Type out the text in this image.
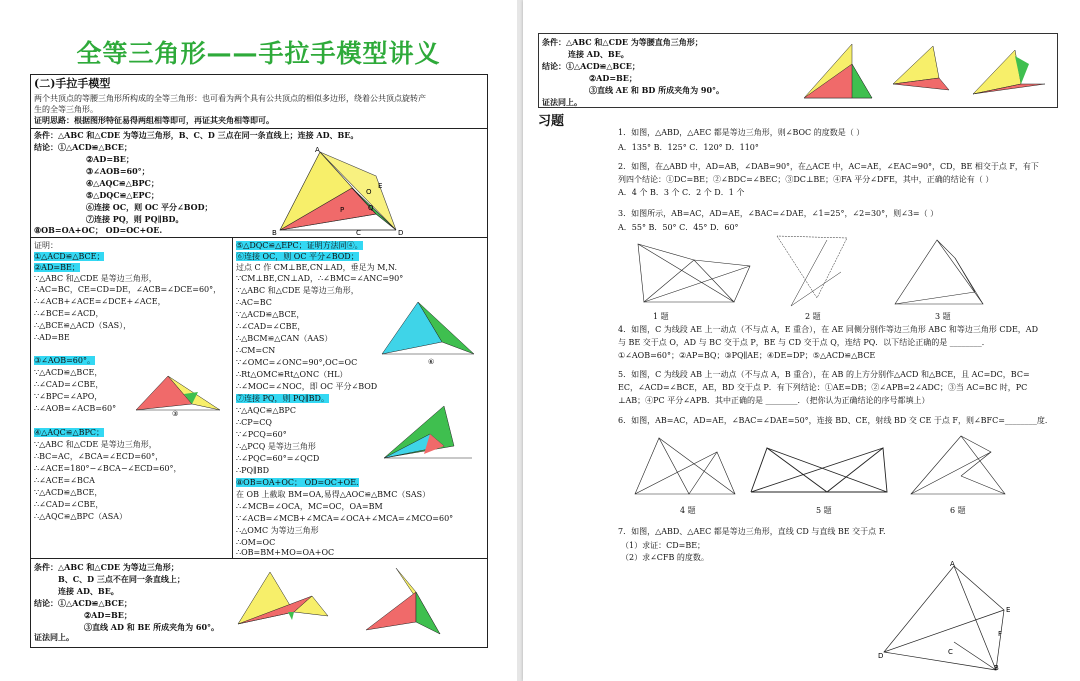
全等三角形——手拉手模型讲义
(二)手拉手模型
两个共顶点的等腰三角形所构成的全等三角形：也可看为两个具有公共顶点的相似多边形，绕着公共顶点旋转产
生的全等三角形。
证明思路：根据图形特征易得两组相等即可，再证其夹角相等即可。
条件：△ABC 和△CDE 为等边三角形，B、C、D 三点在同一条直线上；连接 AD、BE。
结论：①△ACD≌△BCE；
②AD=BE；
③∠AOB=60°；
④△AQC≌△BPC；
⑤△DQC≌△EPC；
⑥连接 OC，则 OC 平分∠BOD；
⑦连接 PQ，则 PQ∥BD。
⑧OB=OA+OC； OD=OC+OE.
A
B	C	D
E
O
P	Q
证明：
①△ACD≌△BCE；
②AD=BE；
∵△ABC 和△CDE 是等边三角形，
∴AC=BC，CE=CD=DE，∠ACB=∠DCE=60°，
∴∠ACB+∠ACE=∠DCE+∠ACE，
∴∠BCE=∠ACD，
∴△BCE≌△ACD（SAS），
∴AD=BE
③∠AOB=60°。
∵△ACD≌△BCE，
∴∠CAD=∠CBE，
∵∠BPC=∠APO，
∴∠AOB=∠ACB=60°
③
④△AQC≌△BPC；
∵△ABC 和△CDE 是等边三角形，
∴BC=AC，∠BCA=∠ECD=60°，
∴∠ACE=180°−∠BCA−∠ECD=60°，
∴∠ACE=∠BCA
∵△ACD≌△BCE，
∴∠CAD=∠CBE，
∴△AQC≌△BPC（ASA）
⑤△DQC≌△EPC；证明方法同④。
⑥连接 OC，则 OC 平分∠BOD；
过点 C 作 CM⊥BE,CN⊥AD，垂足为 M,N.
∵CM⊥BE,CN⊥AD，∴∠BMC=∠ANC=90°
∵△ABC 和△CDE 是等边三角形，
∴AC=BC
∵△ACD≌△BCE，
∴∠CAD=∠CBE，
∴△BCM≌△CAN（AAS）
∴CM=CN
∵∠OMC=∠ONC=90°,OC=OC
∴Rt△OMC≌Rt△ONC（HL）
∴∠MOC=∠NOC，即 OC 平分∠BOD
⑦连接 PQ，则 PQ∥BD。
∵△AQC≌△BPC
∴CP=CQ
∵∠PCQ=60°
∴△PCQ 是等边三角形
∴∠PQC=60°=∠QCD
∴PQ∥BD
⑧OB=OA+OC； OD=OC+OE.
在 OB 上截取 BM=OA,易得△AOC≌△BMC（SAS）
∴∠MCB=∠OCA，MC=OC，OA=BM
∵∠ACB=∠MCB+∠MCA=∠OCA+∠MCA=∠MCO=60°
∴△OMC 为等边三角形
∴OM=OC
∴OB=BM+MO=OA+OC
⑥
条件：△ABC 和△CDE 为等边三角形；
B、C、D 三点不在同一条直线上；
连接 AD、BE。
结论：①△ACD≌△BCE；
②AD=BE；
③直线 AD 和 BE 所成夹角为 60°。
证法同上。
条件：△ABC 和△CDE 为等腰直角三角形；
连接 AD、BE。
结论：①△ACD≌△BCE；
②AD=BE；
③直线 AE 和 BD 所成夹角为 90°。
证法同上。
习题
1．如图，△ABD，△AEC 都是等边三角形，则∠BOC 的度数是（ ）
A．135° B．125° C．120° D．110°
2．如图，在△ABD 中，AD=AB，∠DAB=90°，在△ACE 中，AC=AE，∠EAC=90°，CD，BE 相交于点 F，有下
列四个结论：①DC=BE；②∠BDC=∠BEC；③DC⊥BE；④FA 平分∠DFE，其中，正确的结论有（ ）
A．4 个 B．3 个 C．2 个 D．1 个
3．如图所示，AB=AC，AD=AE，∠BAC=∠DAE，∠1=25°，∠2=30°，则∠3=（ ）
A．55° B．50° C．45° D．60°
1 题	2 题	3 题
4．如图，C 为线段 AE 上一动点（不与点 A，E 重合），在 AE 同侧分别作等边三角形 ABC 和等边三角形 CDE，AD
与 BE 交于点 O，AD 与 BC 交于点 P，BE 与 CD 交于点 Q，连结 PQ．以下结论正确的是 ________．
①∠AOB=60°；②AP=BQ；③PQ∥AE；④DE=DP；⑤△ACD≌△BCE
5．如图，C 为线段 AB 上一动点（不与点 A，B 重合），在 AB 的上方分别作△ACD 和△BCE，且 AC=DC，BC=
EC，∠ACD=∠BCE，AE，BD 交于点 P．有下列结论：①AE=DB；②∠APB=2∠ADC；③当 AC=BC 时，PC
⊥AB；④PC 平分∠APB．其中正确的是 ________．（把你认为正确结论的序号都填上）
6．如图，AB=AC，AD=AE，∠BAC=∠DAE=50°，连接 BD、CE，射线 BD 交 CE 于点 F，则∠BFC=________度．
4 题	5 题	6 题
7．如图，△ABD、△AEC 都是等边三角形，直线 CD 与直线 BE 交于点 F.
（1）求证：CD=BE；
（2）求∠CFB 的度数。
A
D
E
F
C
B
